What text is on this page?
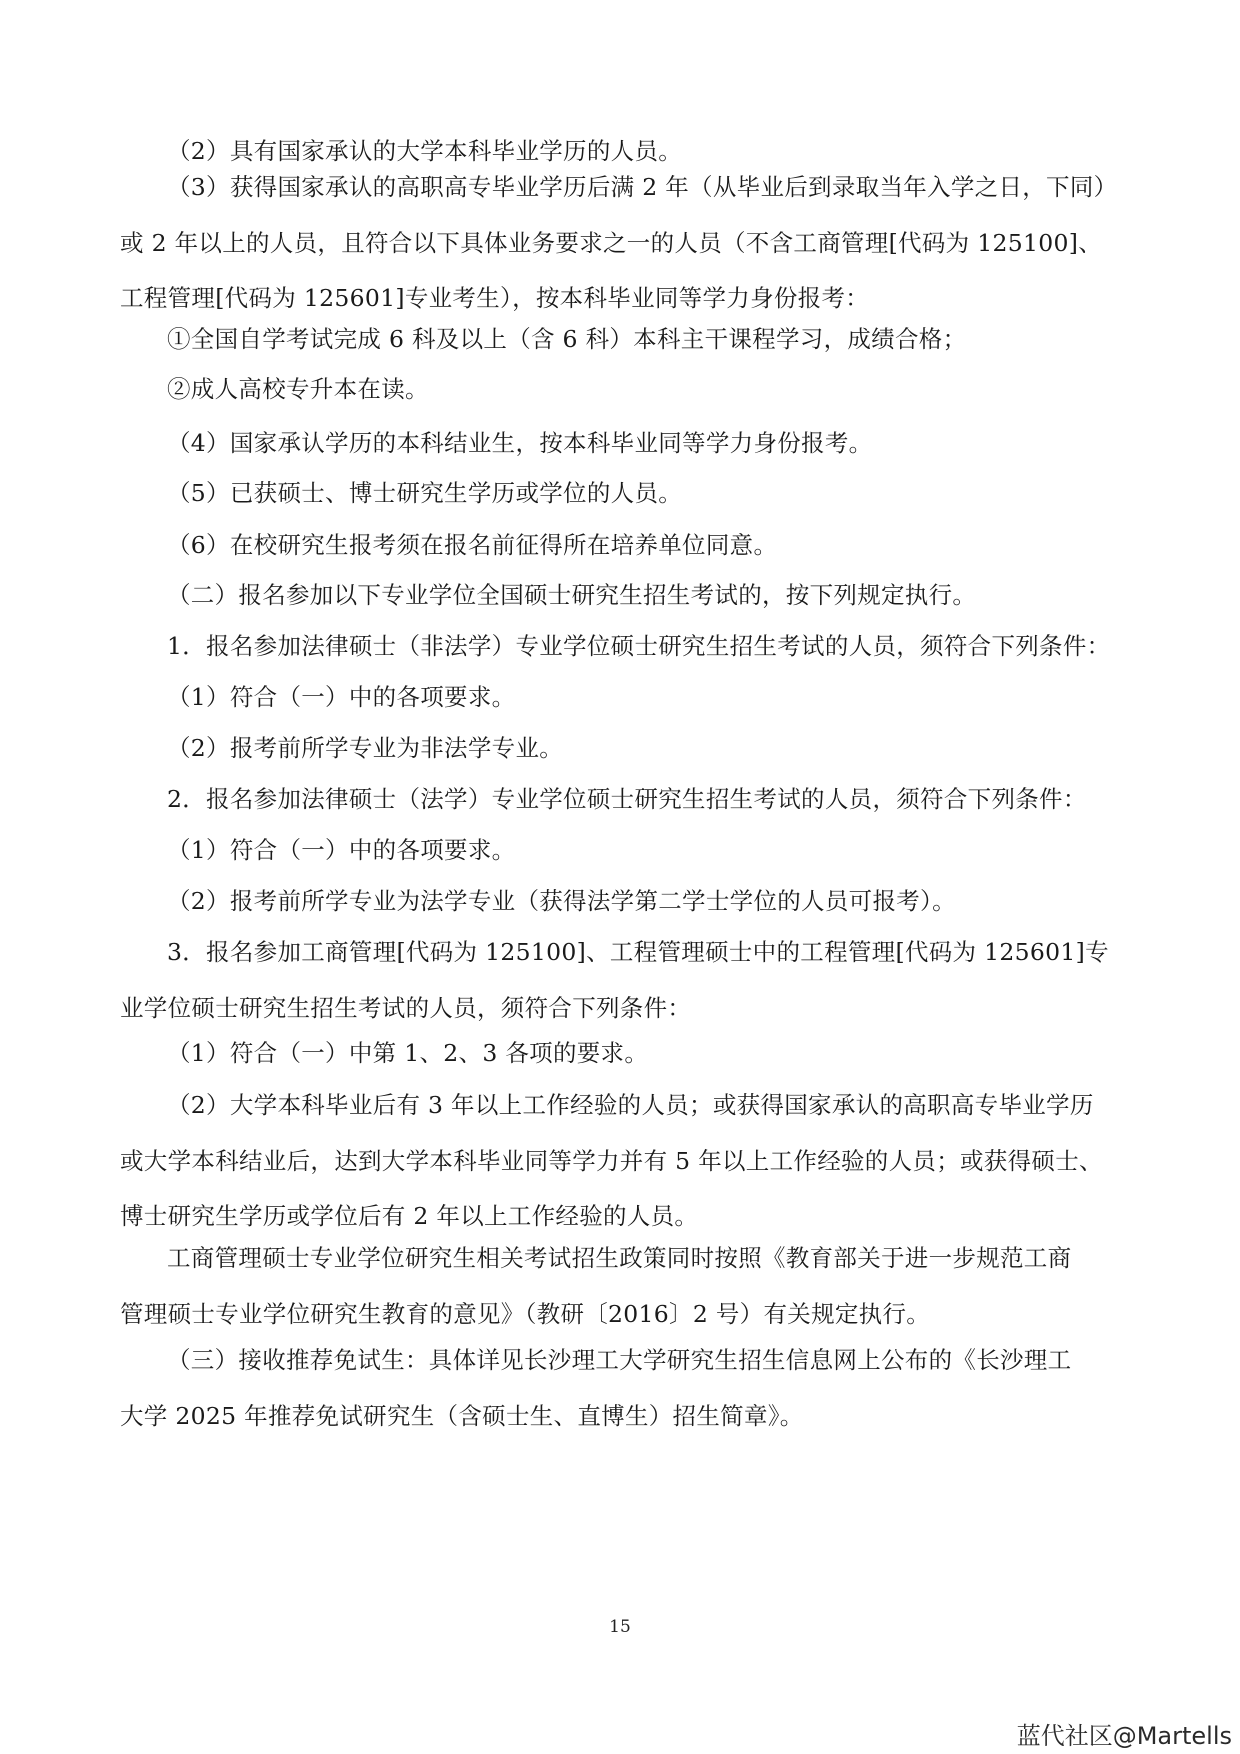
（2）具有国家承认的大学本科毕业学历的人员。

（3）获得国家承认的高职高专毕业学历后满 2 年（从毕业后到录取当年入学之日，下同）
或 2 年以上的人员，且符合以下具体业务要求之一的人员（不含工商管理[代码为 125100]、
工程管理[代码为 125601]专业考生），按本科毕业同等学力身份报考：

①全国自学考试完成 6 科及以上（含 6 科）本科主干课程学习，成绩合格；

②成人高校专升本在读。

（4）国家承认学历的本科结业生，按本科毕业同等学力身份报考。

（5）已获硕士、博士研究生学历或学位的人员。

（6）在校研究生报考须在报名前征得所在培养单位同意。

（二）报名参加以下专业学位全国硕士研究生招生考试的，按下列规定执行。

1．报名参加法律硕士（非法学）专业学位硕士研究生招生考试的人员，须符合下列条件：

（1）符合（一）中的各项要求。

（2）报考前所学专业为非法学专业。

2．报名参加法律硕士（法学）专业学位硕士研究生招生考试的人员，须符合下列条件：

（1）符合（一）中的各项要求。

（2）报考前所学专业为法学专业（获得法学第二学士学位的人员可报考）。

3．报名参加工商管理[代码为 125100]、工程管理硕士中的工程管理[代码为 125601]专
业学位硕士研究生招生考试的人员，须符合下列条件：

（1）符合（一）中第 1、2、3 各项的要求。

（2）大学本科毕业后有 3 年以上工作经验的人员；或获得国家承认的高职高专毕业学历
或大学本科结业后，达到大学本科毕业同等学力并有 5 年以上工作经验的人员；或获得硕士、
博士研究生学历或学位后有 2 年以上工作经验的人员。

工商管理硕士专业学位研究生相关考试招生政策同时按照《教育部关于进一步规范工商
管理硕士专业学位研究生教育的意见》（教研〔2016〕2 号）有关规定执行。

（三）接收推荐免试生：具体详见长沙理工大学研究生招生信息网上公布的《长沙理工
大学 2025 年推荐免试研究生（含硕士生、直博生）招生简章》。

15
蓝代社区@Martells
